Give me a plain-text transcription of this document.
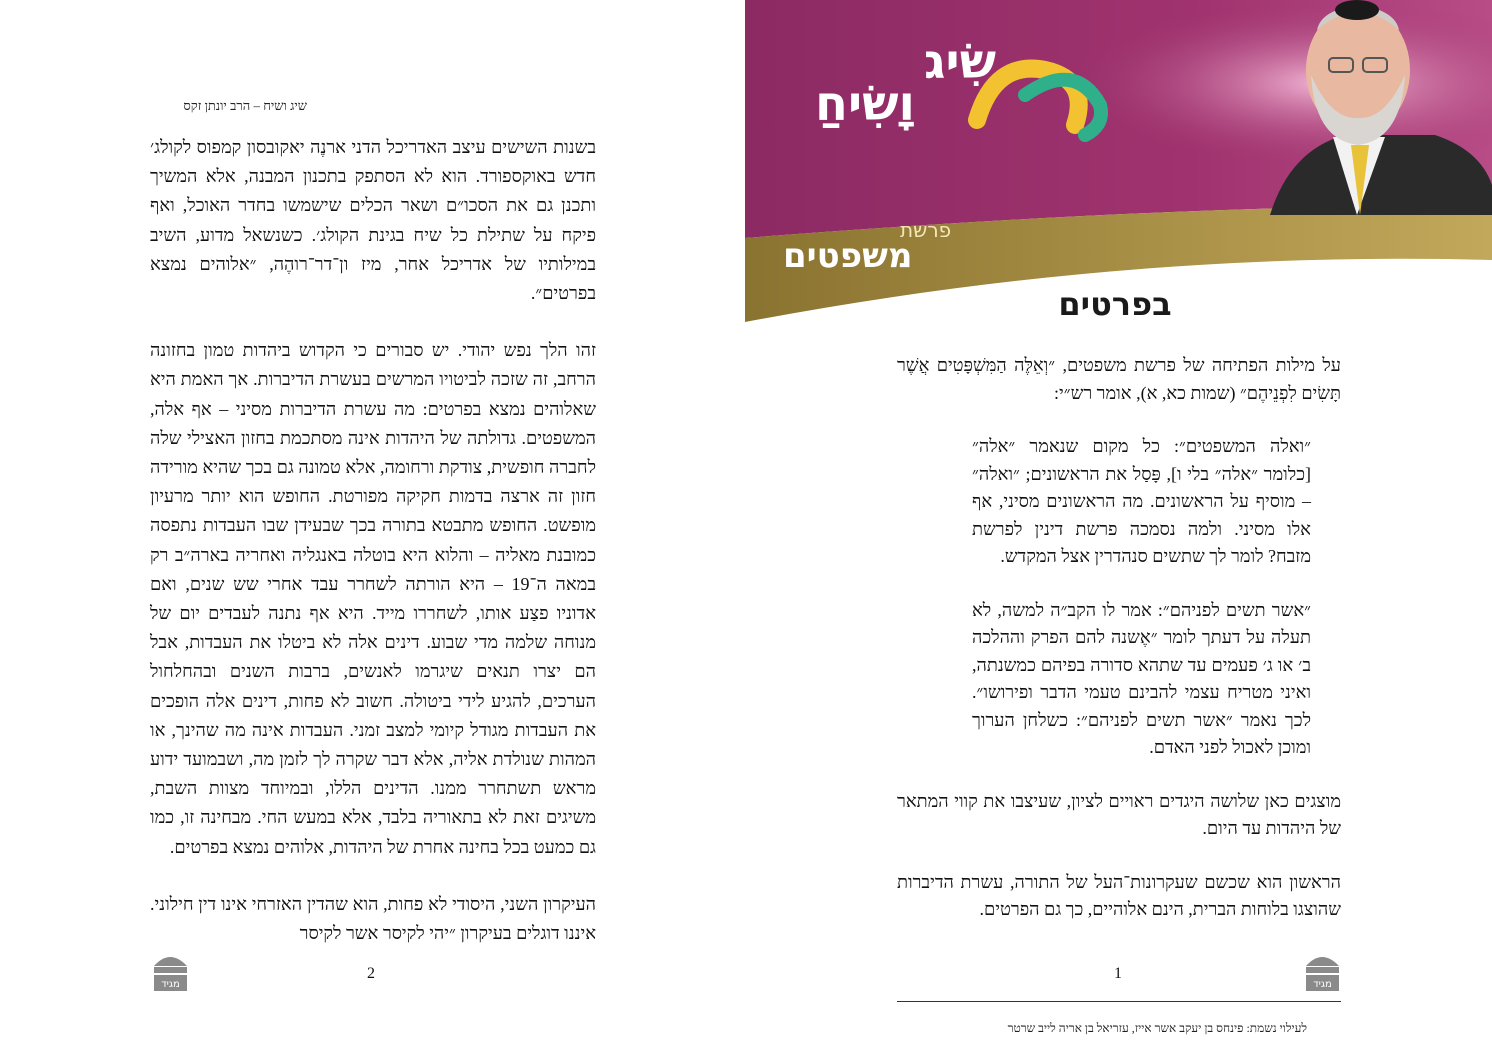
שיג ושיח – הרב יונתן זקס

בשנות השישים עיצב האדריכל הדני ארנֶה יאקובסון קמפוס לקולג׳ חדש באוקספורד. הוא לא הסתפק בתכנון המבנה, אלא המשיך ותכנן גם את הסכו״ם ושאר הכלים שישמשו בחדר האוכל, ואף פיקח על שתילת כל שיח בגינת הקולג׳. כשנשאל מדוע, השיב במילותיו של אדריכל אחר, מיז ון־דר־רוהֶה, ״אלוהים נמצא בפרטים״.

זהו הלך נפש יהודי. יש סבורים כי הקדוש ביהדות טמון בחזונה הרחב, זה שזכה לביטויו המרשים בעשרת הדיברות. אך האמת היא שאלוהים נמצא בפרטים: מה עשרת הדיברות מסיני – אף אלה, המשפטים. גדולתה של היהדות אינה מסתכמת בחזון האצילי שלה לחברה חופשית, צודקת ורחומה, אלא טמונה גם בכך שהיא מורידה חזון זה ארצה בדמות חקיקה מפורטת. החופש הוא יותר מרעיון מופשט. החופש מתבטא בתורה בכך שבעידן שבו העבדות נתפסה כמובנת מאליה – והלוא היא בוטלה באנגליה ואחריה בארה״ב רק במאה ה־19 – היא הורתה לשחרר עבד אחרי שש שנים, ואם אדוניו פצַע אותו, לשחררו מייד. היא אף נתנה לעבדים יום של מנוחה שלמה מדי שבוע. דינים אלה לא ביטלו את העבדות, אבל הם יצרו תנאים שיגרמו לאנשים, ברבות השנים ובהחלחול הערכים, להגיע לידי ביטולה. חשוב לא פחות, דינים אלה הופכים את העבדות מגודל קיומי למצב זמני. העבדות אינה מה שהינך, או המהות שנולדת אליה, אלא דבר שקרה לך לזמן מה, ושבמועד ידוע מראש תשתחרר ממנו. הדינים הללו, ובמיוחד מצוות השבת, משיגים זאת לא בתאוריה בלבד, אלא במעש החי. מבחינה זו, כמו גם כמעט בכל בחינה אחרת של היהדות, אלוהים נמצא בפרטים.

העיקרון השני, היסודי לא פחות, הוא שהדין האזרחי אינו דין חילוני. איננו דוגלים בעיקרון ״יהי לקיסר אשר לקיסר

2
מגיד
שִׂיג
וָשִׂיחַ
פרשת
משפטים
בפרטים

על מילות הפתיחה של פרשת משפטים, ״וְאֵלֶּה הַמִּשְׁפָּטִים אֲשֶׁר תָּשִׂים לִפְנֵיהֶם״ (שמות כא, א), אומר רש״י:

״ואלה המשפטים״: כל מקום שנאמר ״אלה״ [כלומר ״אלה״ בלי ו], פָּסַל את הראשונים; ״ואלה״ – מוסיף על הראשונים. מה הראשונים מסיני, אף אלו מסיני. ולמה נסמכה פרשת דינין לפרשת מזבח? לומר לך שתשים סנהדרין אצל המקדש.

״אשר תשים לפניהם״: אמר לו הקב״ה למשה, לא תעלה על דעתך לומר ״אֶשנה להם הפרק וההלכה ב׳ או ג׳ פעמים עד שתהא סדורה בפיהם כמשנתה, ואיני מטריח עצמי להבינם טעמי הדבר ופירושו״. לכך נאמר ״אשר תשים לפניהם״: כשלחן הערוך ומוכן לאכול לפני האדם.

מוצגים כאן שלושה היגדים ראויים לציון, שעיצבו את קווי המתאר של היהדות עד היום.

הראשון הוא שכשם שעקרונות־העל של התורה, עשרת הדיברות שהוצגו בלוחות הברית, הינם אלוהיים, כך גם הפרטים.

1
מגיד
לעילוי נשמת: פינחס בן יעקב אשר אייז, עזריאל בן אריה לייב שרטר
